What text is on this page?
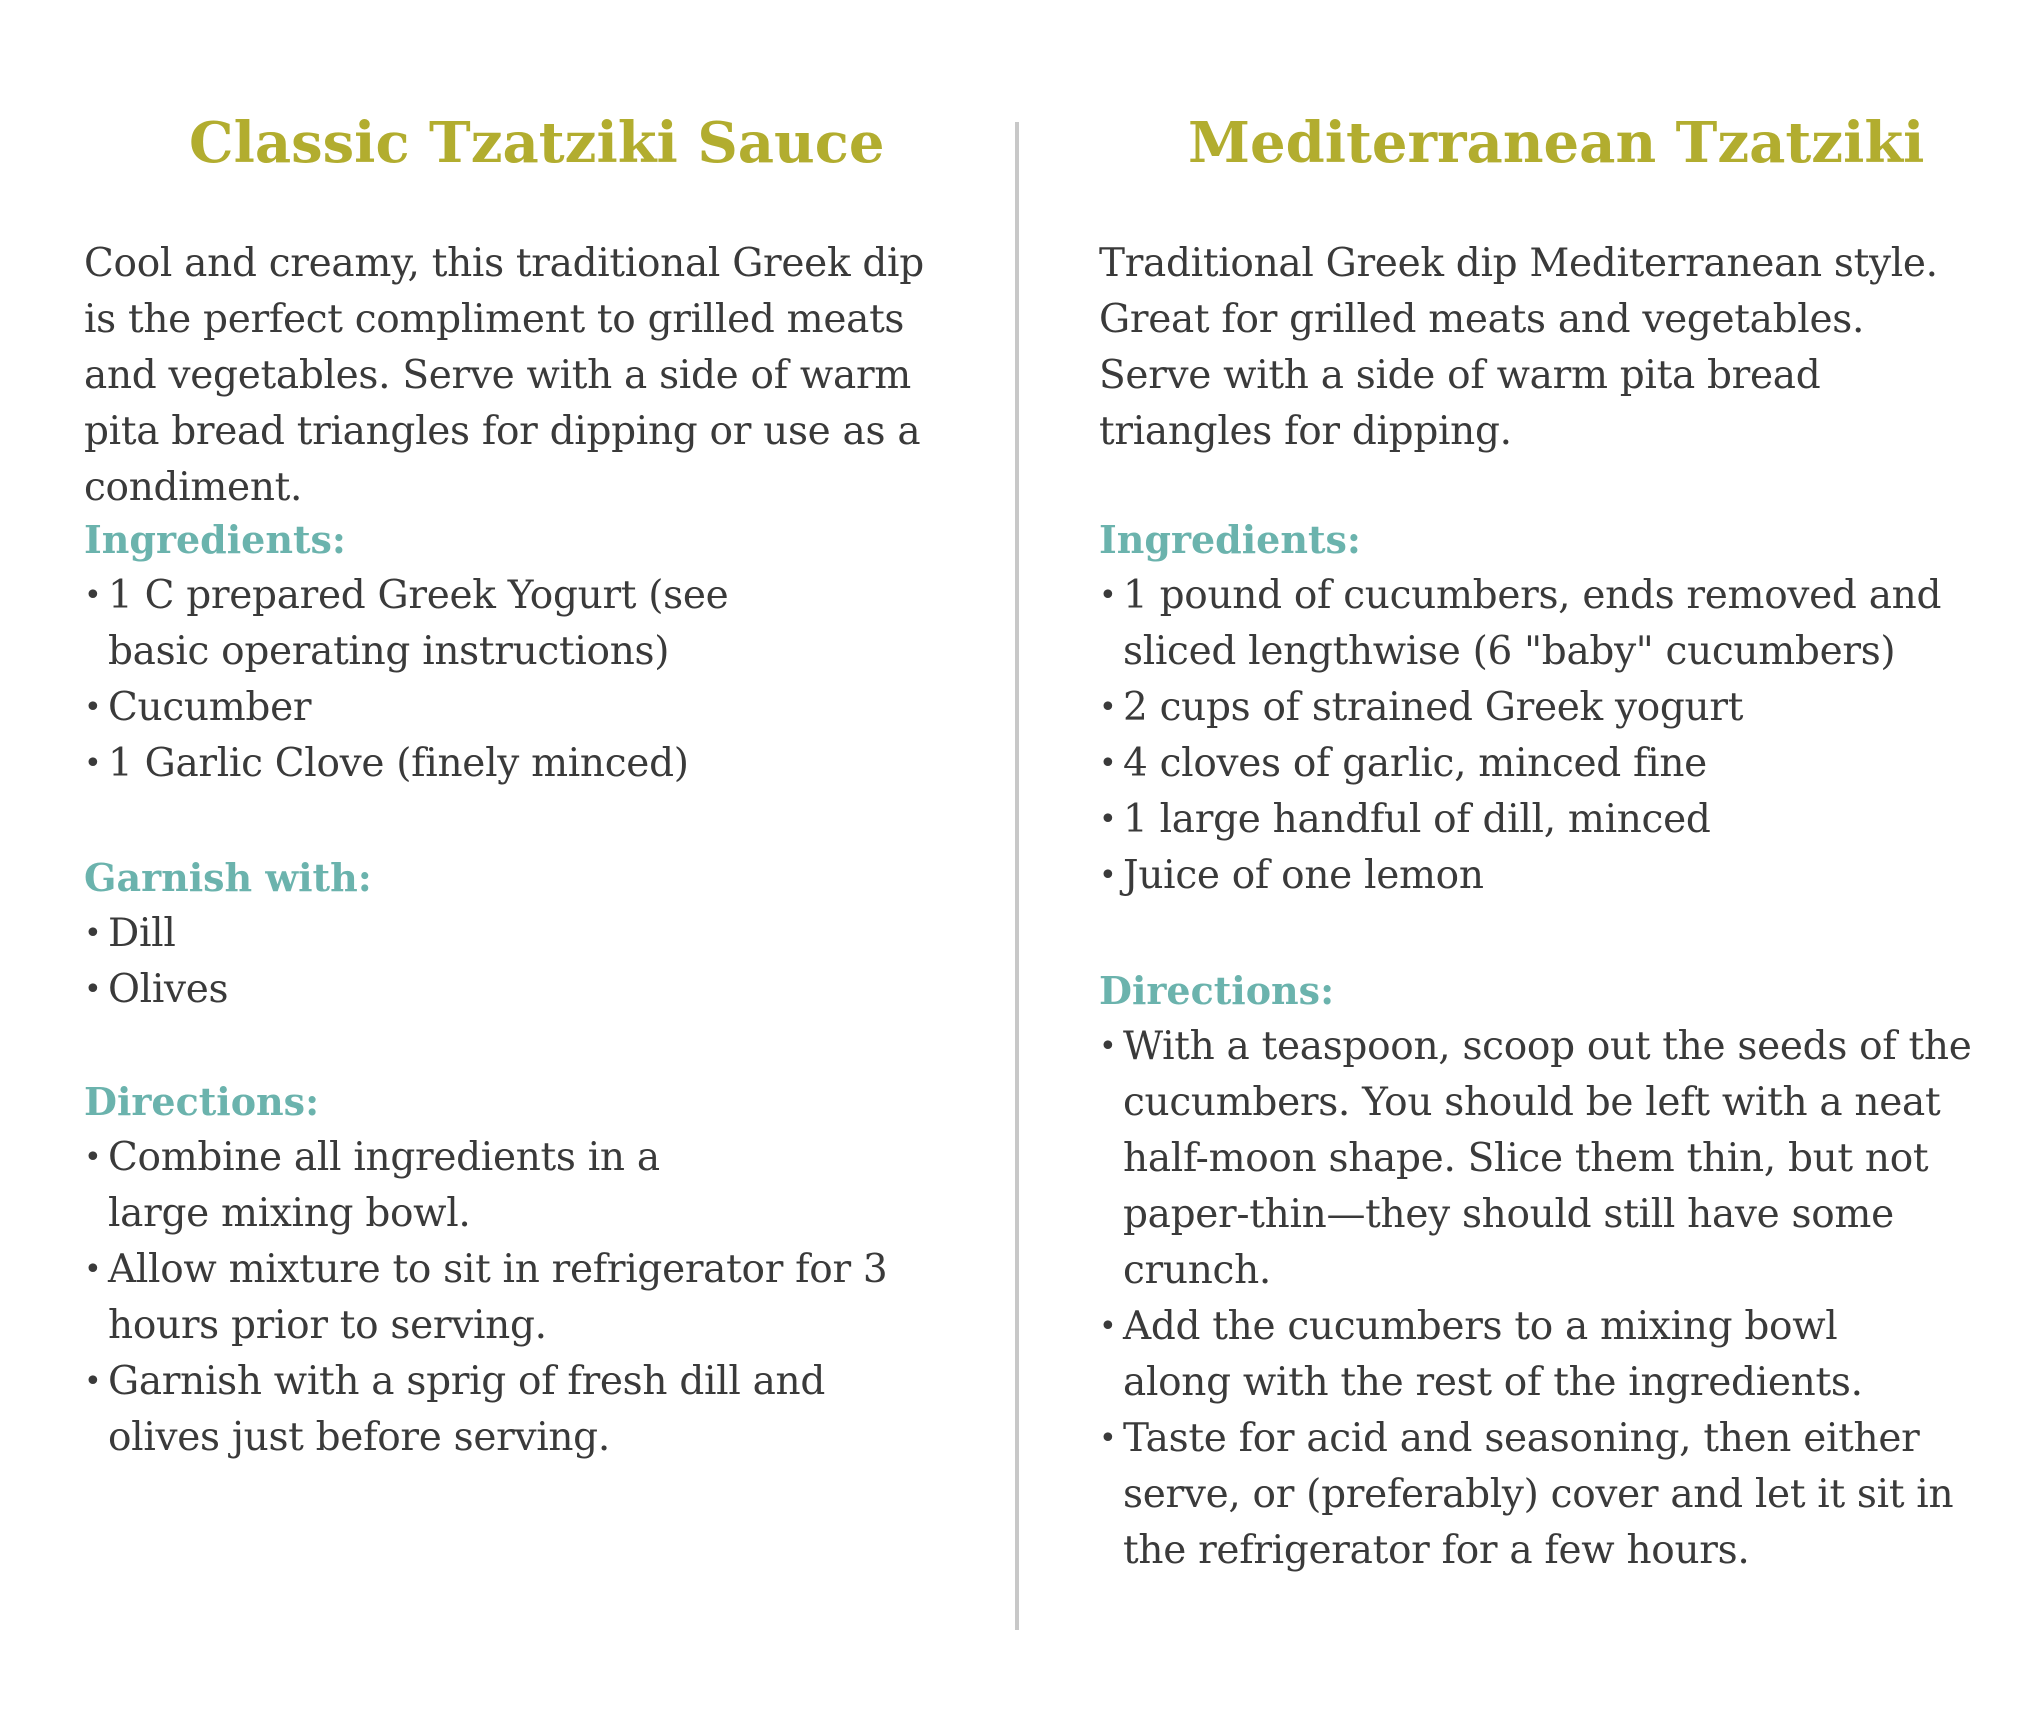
Classic Tzatziki Sauce

Cool and creamy, this traditional Greek dip is the perfect compliment to grilled meats and vegetables. Serve with a side of warm pita bread triangles for dipping or use as a condiment.

Ingredients:
• 1 C prepared Greek Yogurt (see basic operating instructions)
• Cucumber
• 1 Garlic Clove (finely minced)
Garnish with:
• Dill
• Olives
Directions:
• Combine all ingredients in a large mixing bowl.
• Allow mixture to sit in refrigerator for 3 hours prior to serving.
• Garnish with a sprig of fresh dill and olives just before serving.
Mediterranean Tzatziki

Traditional Greek dip Mediterranean style. Great for grilled meats and vegetables. Serve with a side of warm pita bread triangles for dipping.

Ingredients:
• 1 pound of cucumbers, ends removed and sliced lengthwise (6 "baby" cucumbers)
• 2 cups of strained Greek yogurt
• 4 cloves of garlic, minced fine
• 1 large handful of dill, minced
• Juice of one lemon
Directions:
• With a teaspoon, scoop out the seeds of the cucumbers. You should be left with a neat half-moon shape. Slice them thin, but not paper-thin—they should still have some crunch.
• Add the cucumbers to a mixing bowl along with the rest of the ingredients.
• Taste for acid and seasoning, then either serve, or (preferably) cover and let it sit in the refrigerator for a few hours.
